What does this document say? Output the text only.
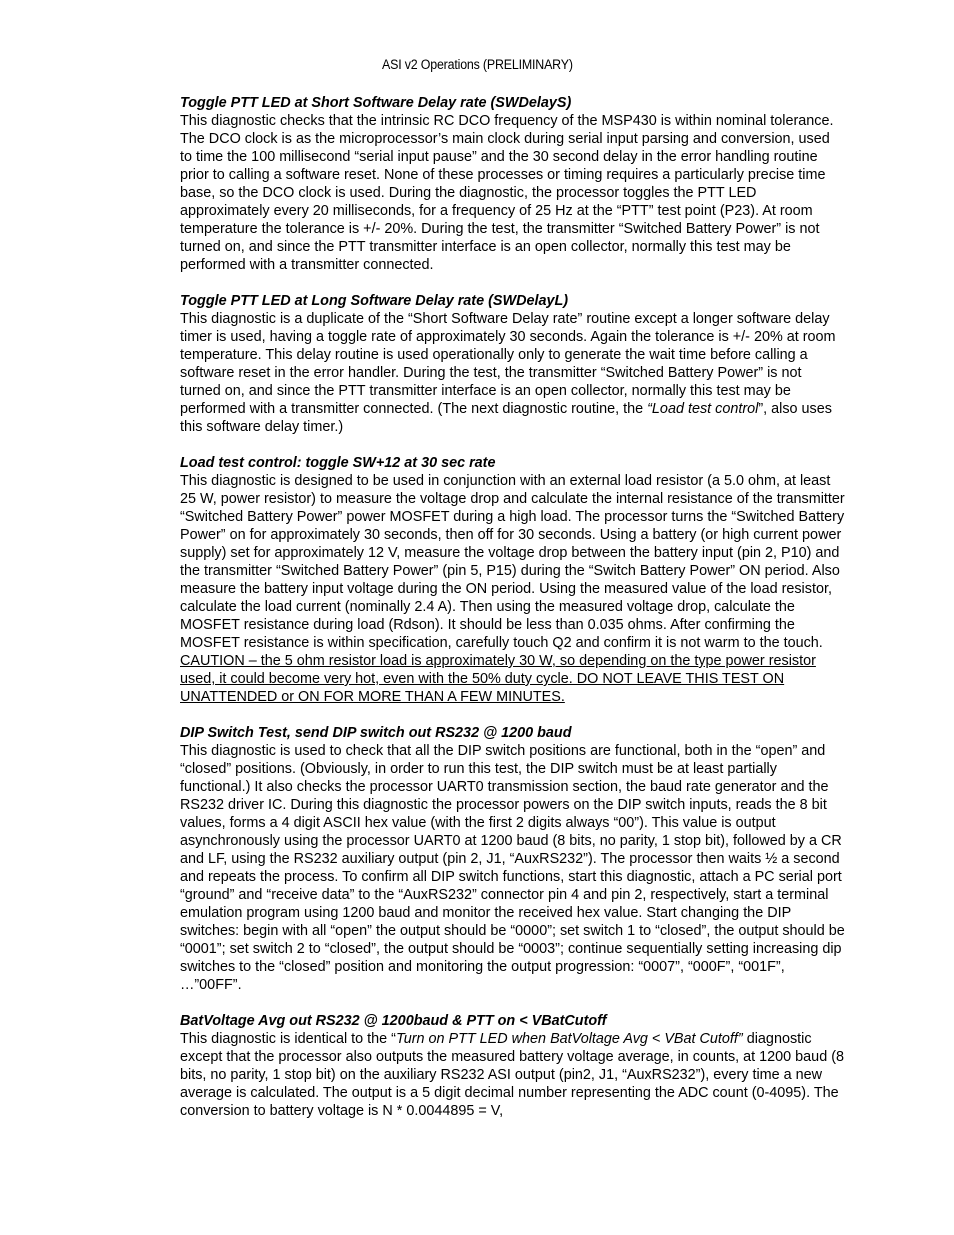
ASI v2 Operations (PRELIMINARY)
Toggle PTT LED at Short Software Delay rate (SWDelayS)
This diagnostic checks that the intrinsic RC DCO frequency of the MSP430 is within nominal tolerance. The DCO clock is as the microprocessor’s main clock during serial input parsing and conversion, used to time the 100 millisecond “serial input pause” and the 30 second delay in the error handling routine prior to calling a software reset. None of these processes or timing requires a particularly precise time base, so the DCO clock is used. During the diagnostic, the processor toggles the PTT LED approximately every 20 milliseconds, for a frequency of 25 Hz at the “PTT” test point (P23). At room temperature the tolerance is +/- 20%. During the test, the transmitter “Switched Battery Power” is not turned on, and since the PTT transmitter interface is an open collector, normally this test may be performed with a transmitter connected.
Toggle PTT LED at Long Software Delay rate (SWDelayL)
This diagnostic is a duplicate of the “Short Software Delay rate” routine except a longer software delay timer is used, having a toggle rate of approximately 30 seconds. Again the tolerance is +/- 20% at room temperature. This delay routine is used operationally only to generate the wait time before calling a software reset in the error handler. During the test, the transmitter “Switched Battery Power” is not turned on, and since the PTT transmitter interface is an open collector, normally this test may be performed with a transmitter connected. (The next diagnostic routine, the “Load test control”, also uses this software delay timer.)
Load test control: toggle SW+12 at 30 sec rate
This diagnostic is designed to be used in conjunction with an external load resistor (a 5.0 ohm, at least 25 W, power resistor) to measure the voltage drop and calculate the internal resistance of the transmitter “Switched Battery Power” power MOSFET during a high load. The processor turns the “Switched Battery Power” on for approximately 30 seconds, then off for 30 seconds. Using a battery (or high current power supply) set for approximately 12 V, measure the voltage drop between the battery input (pin 2, P10) and the transmitter “Switched Battery Power” (pin 5, P15) during the “Switch Battery Power” ON period. Also measure the battery input voltage during the ON period. Using the measured value of the load resistor, calculate the load current (nominally 2.4 A). Then using the measured voltage drop, calculate the MOSFET resistance during load (Rdson). It should be less than 0.035 ohms. After confirming the MOSFET resistance is within specification, carefully touch Q2 and confirm it is not warm to the touch. CAUTION – the 5 ohm resistor load is approximately 30 W, so depending on the type power resistor used, it could become very hot, even with the 50% duty cycle. DO NOT LEAVE THIS TEST ON UNATTENDED or ON FOR MORE THAN A FEW MINUTES.
DIP Switch Test, send DIP switch out RS232 @ 1200 baud
This diagnostic is used to check that all the DIP switch positions are functional, both in the “open” and “closed” positions. (Obviously, in order to run this test, the DIP switch must be at least partially functional.) It also checks the processor UART0 transmission section, the baud rate generator and the RS232 driver IC. During this diagnostic the processor powers on the DIP switch inputs, reads the 8 bit values, forms a 4 digit ASCII hex value (with the first 2 digits always “00”). This value is output asynchronously using the processor UART0 at 1200 baud (8 bits, no parity, 1 stop bit), followed by a CR and LF, using the RS232 auxiliary output (pin 2, J1, “AuxRS232”). The processor then waits ½ a second and repeats the process. To confirm all DIP switch functions, start this diagnostic, attach a PC serial port “ground” and “receive data” to the “AuxRS232” connector pin 4 and pin 2, respectively, start a terminal emulation program using 1200 baud and monitor the received hex value. Start changing the DIP switches: begin with all “open” the output should be “0000”; set switch 1 to “closed”, the output should be “0001”; set switch 2 to “closed”, the output should be “0003”; continue sequentially setting increasing dip switches to the “closed” position and monitoring the output progression: “0007”, “000F”, “001F”, …”00FF”.
BatVoltage Avg out RS232 @ 1200baud & PTT on < VBatCutoff
This diagnostic is identical to the “Turn on PTT LED when BatVoltage Avg < VBat Cutoff” diagnostic except that the processor also outputs the measured battery voltage average, in counts, at 1200 baud (8 bits, no parity, 1 stop bit) on the auxiliary RS232 ASI output (pin2, J1, “AuxRS232”), every time a new average is calculated. The output is a 5 digit decimal number representing the ADC count (0-4095). The conversion to battery voltage is N * 0.0044895 = V,
